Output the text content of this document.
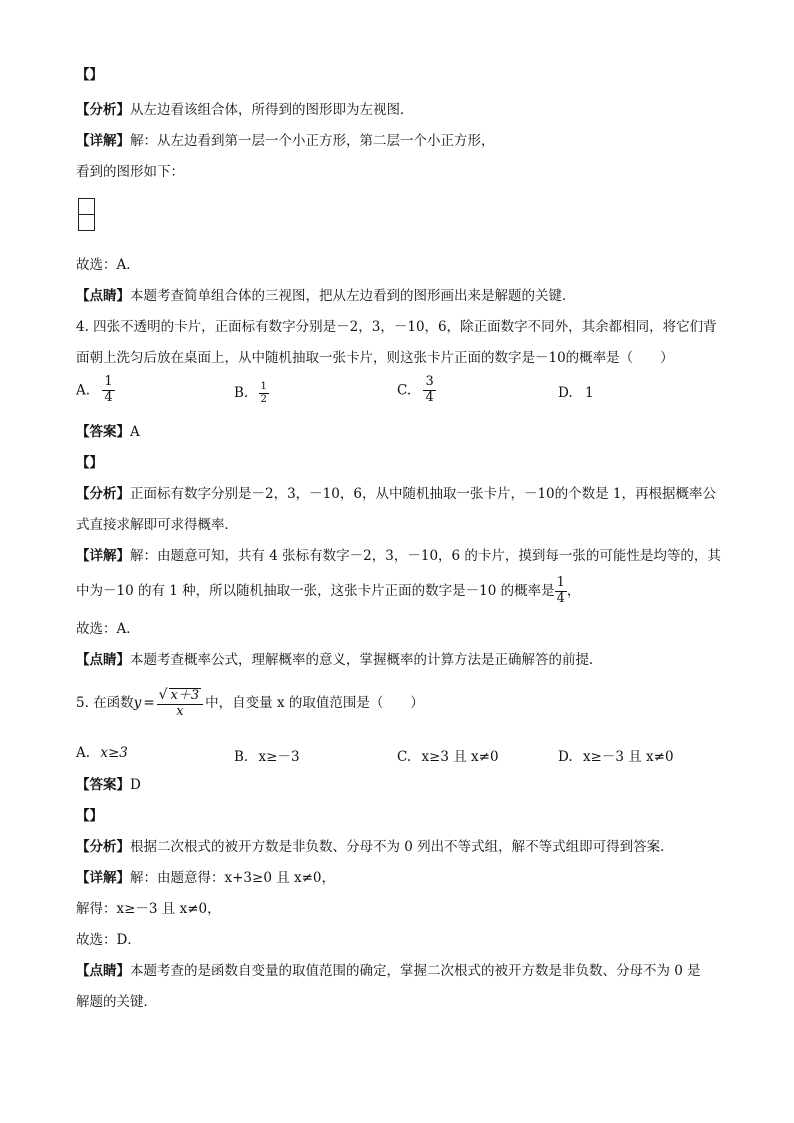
【】
【分析】从左边看该组合体，所得到的图形即为左视图．
【详解】解：从左边看到第一层一个小正方形，第二层一个小正方形，
看到的图形如下：
故选：A．
【点睛】本题考查简单组合体的三视图，把从左边看到的图形画出来是解题的关键．
4. 四张不透明的卡片，正面标有数字分别是－2，3，－10，6，除正面数字不同外，其余都相同，将它们背
面朝上洗匀后放在桌面上，从中随机抽取一张卡片，则这张卡片正面的数字是－10的概率是（　　）
A. $\frac{1}{4}$	B. $\frac{1}{2}$	C. $\frac{3}{4}$	D. 1
【答案】A
【】
【分析】正面标有数字分别是－2，3，－10，6，从中随机抽取一张卡片，－10的个数是 1，再根据概率公
式直接求解即可求得概率．
【详解】解：由题意可知，共有 4 张标有数字－2，3，－10，6 的卡片，摸到每一张的可能性是均等的，其
中为－10 的有 1 种，所以随机抽取一张，这张卡片正面的数字是－10 的概率是 $\frac{1}{4}$ ，
故选：A．
【点睛】本题考查概率公式，理解概率的意义，掌握概率的计算方法是正确解答的前提．
5. 在函数$y = \frac{√ x+3}{x}$ 中，自变量 x 的取值范围是（　　）
A. x≥3	B. x≥－3	C. x≥3 且 x≠0	D. x≥－3 且 x≠0
【答案】D
【】
【分析】根据二次根式的被开方数是非负数、分母不为 0 列出不等式组，解不等式组即可得到答案．
【详解】解：由题意得：x+3≥0 且 x≠0，
解得：x≥－3 且 x≠0，
故选：D．
【点睛】本题考查的是函数自变量的取值范围的确定，掌握二次根式的被开方数是非负数、分母不为 0 是
解题的关键．
